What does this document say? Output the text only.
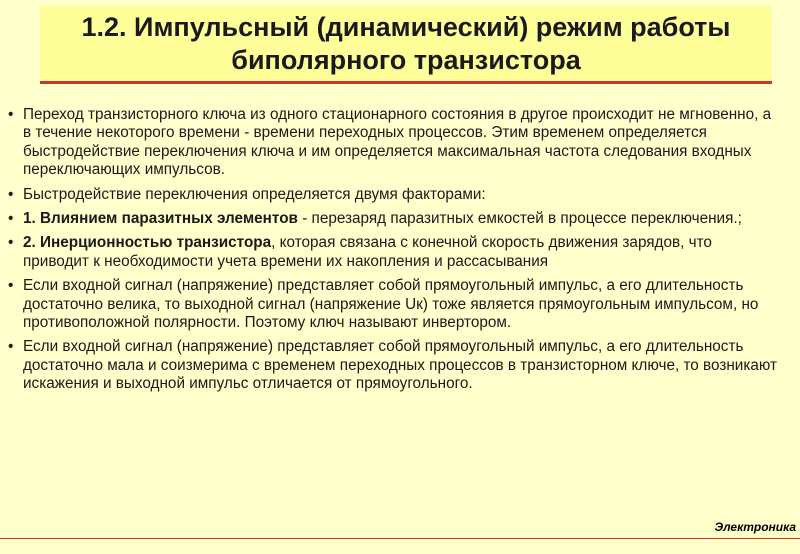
1.2. Импульсный (динамический) режим работы
биполярного транзистора
• Переход транзисторного ключа из одного стационарного состояния в другое происходит не мгновенно, а в течение некоторого времени - времени переходных процессов. Этим временем определяется быстродействие переключения ключа и им определяется максимальная частота следования входных переключающих импульсов.
• Быстродействие переключения определяется двумя факторами:
• 1. Влиянием паразитных элементов - перезаряд паразитных емкостей в процессе переключения.;
• 2. Инерционностью транзистора, которая связана с конечной скорость движения зарядов, что приводит к необходимости учета времени их накопления и рассасывания
• Если входной сигнал (напряжение) представляет собой прямоугольный импульс, а его длительность достаточно велика, то выходной сигнал (напряжение Uк) тоже является прямоугольным импульсом, но противоположной полярности. Поэтому ключ называют инвертором.
• Если входной сигнал (напряжение) представляет собой прямоугольный импульс, а его длительность достаточно мала и соизмерима с временем переходных процессов в транзисторном ключе, то возникают искажения и выходной импульс отличается от прямоугольного.
Электроника
